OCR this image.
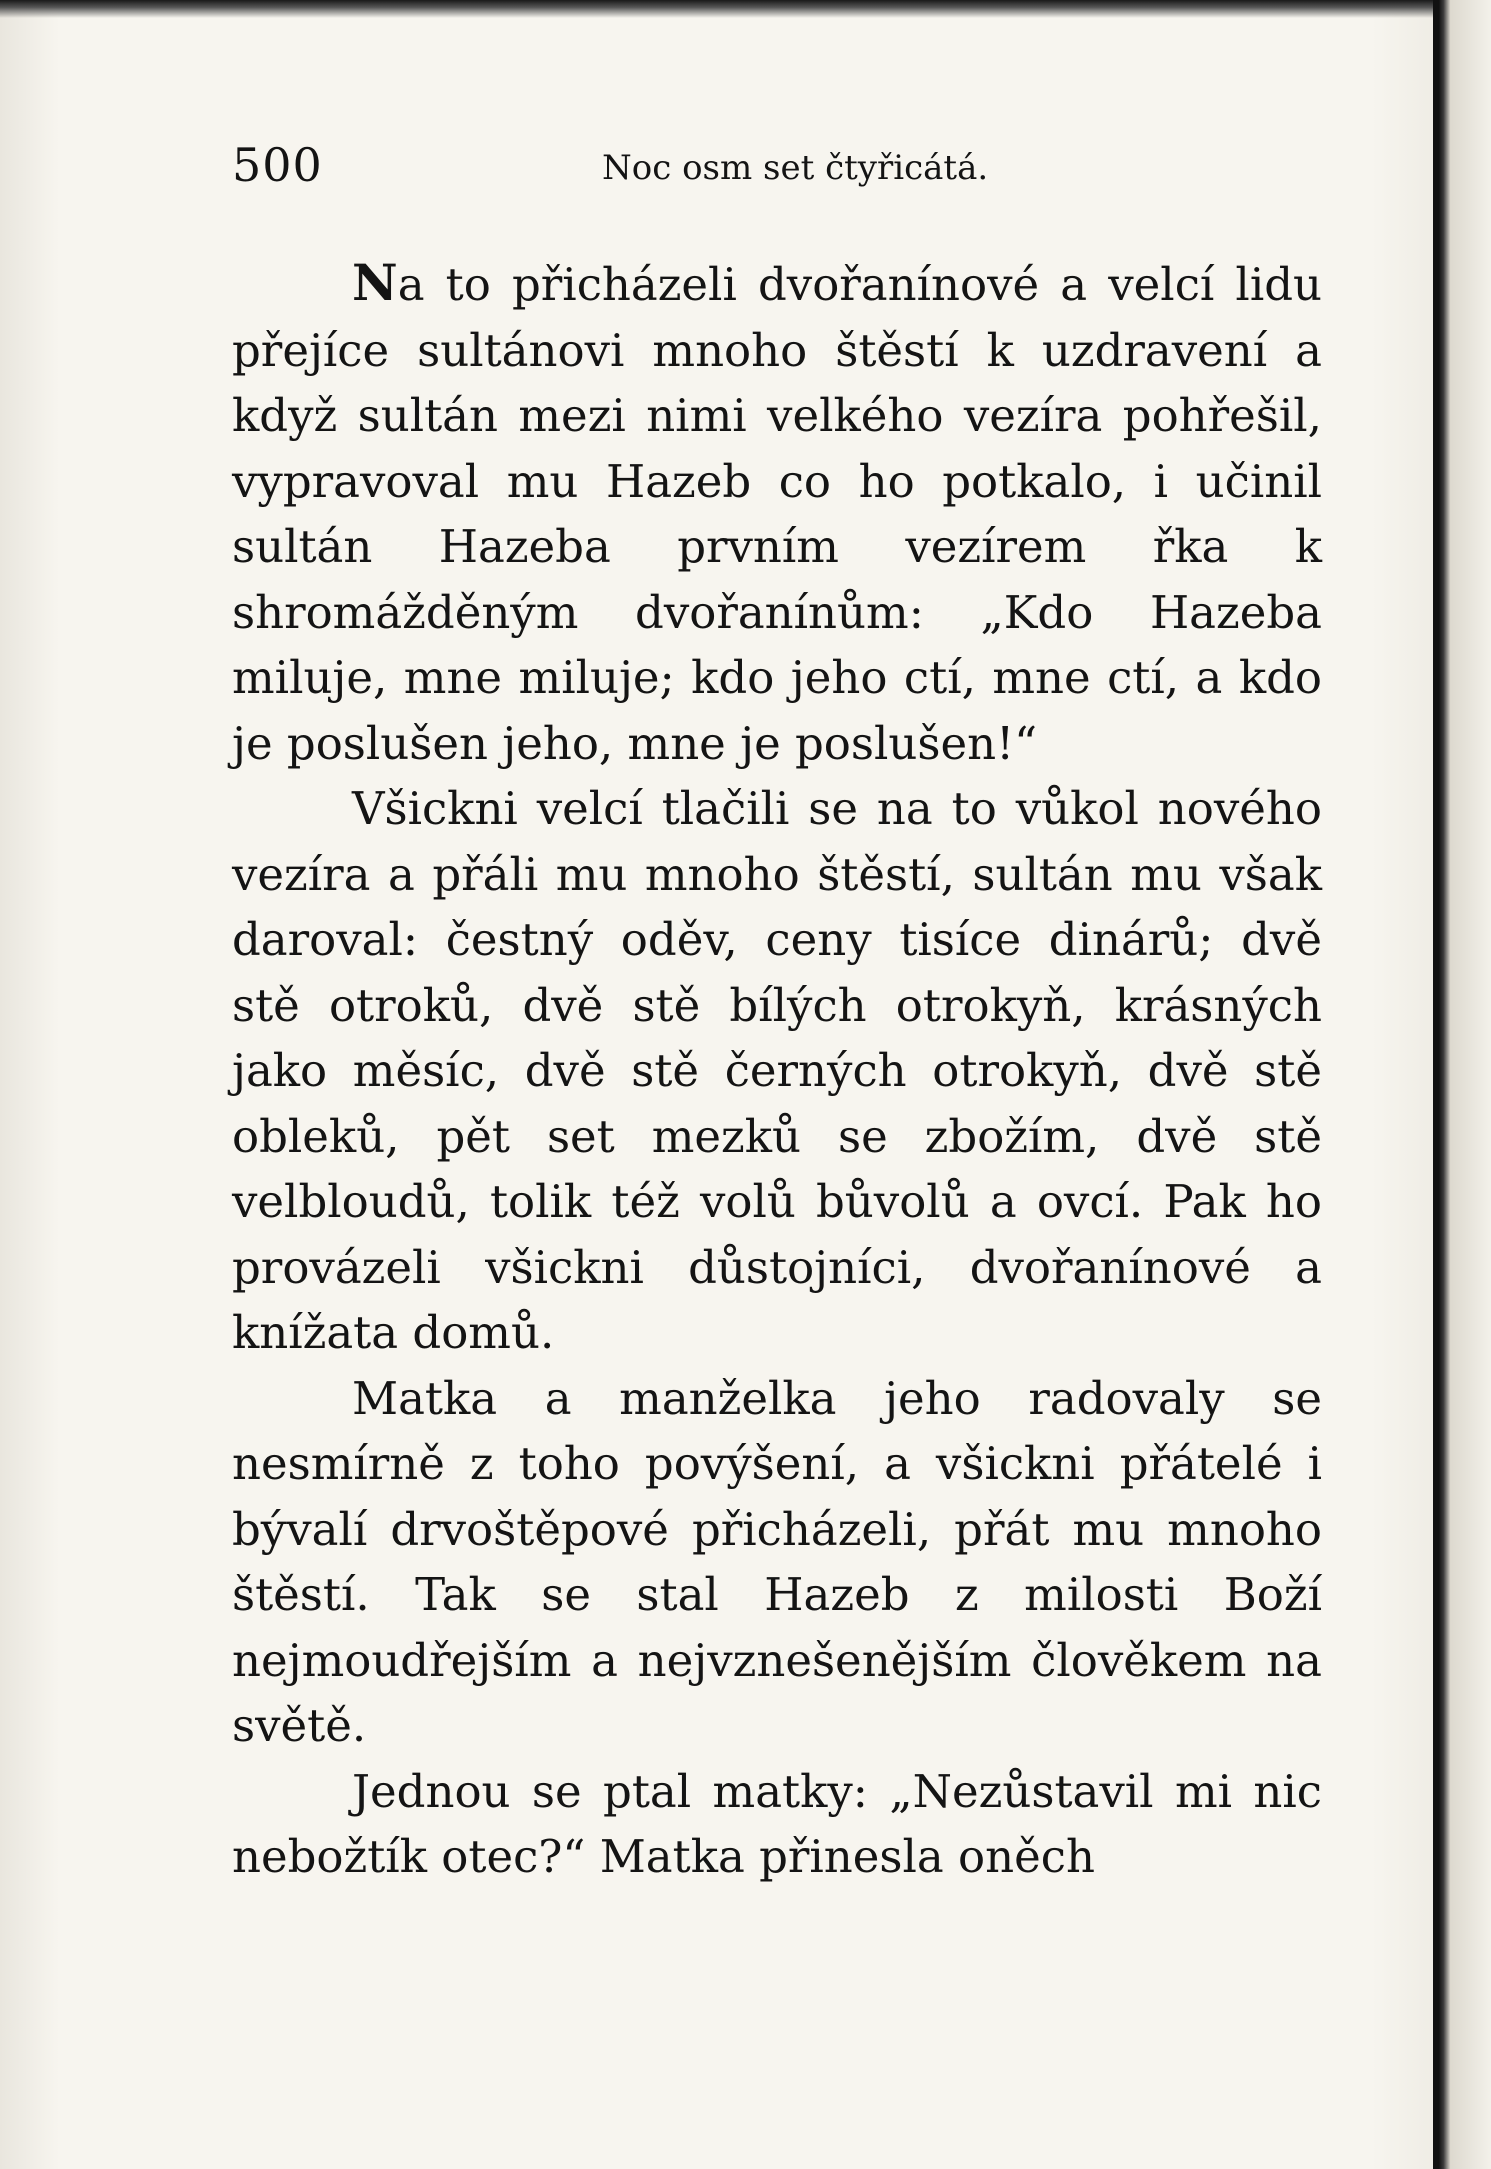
500	Noc osm set čtyřicátá.

Na to přicházeli dvořanínové a velcí lidu přejíce sultánovi mnoho štěstí k uzdravení a když sultán mezi nimi velkého vezíra pohřešil, vypravoval mu Hazeb co ho potkalo, i učinil sultán Hazeba prvním vezírem řka k shromážděným dvořanínům: „Kdo Hazeba miluje, mne miluje; kdo jeho ctí, mne ctí, a kdo je poslušen jeho, mne je poslušen!“

Všickni velcí tlačili se na to vůkol nového vezíra a přáli mu mnoho štěstí, sultán mu však daroval: čestný oděv, ceny tisíce dinárů; dvě stě otroků, dvě stě bílých otrokyň, krásných jako měsíc, dvě stě černých otrokyň, dvě stě obleků, pět set mezků se zbožím, dvě stě velbloudů, tolik též volů bůvolů a ovcí. Pak ho provázeli všickni důstojníci, dvořanínové a knížata domů.

Matka a manželka jeho radovaly se nesmírně z toho povýšení, a všickni přátelé i bývalí drvoštěpové přicházeli, přát mu mnoho štěstí. Tak se stal Hazeb z milosti Boží nejmoudřejším a nejvznešenějším člověkem na světě.

Jednou se ptal matky: „Nezůstavil mi nic nebožtík otec?“ Matka přinesla oněch
